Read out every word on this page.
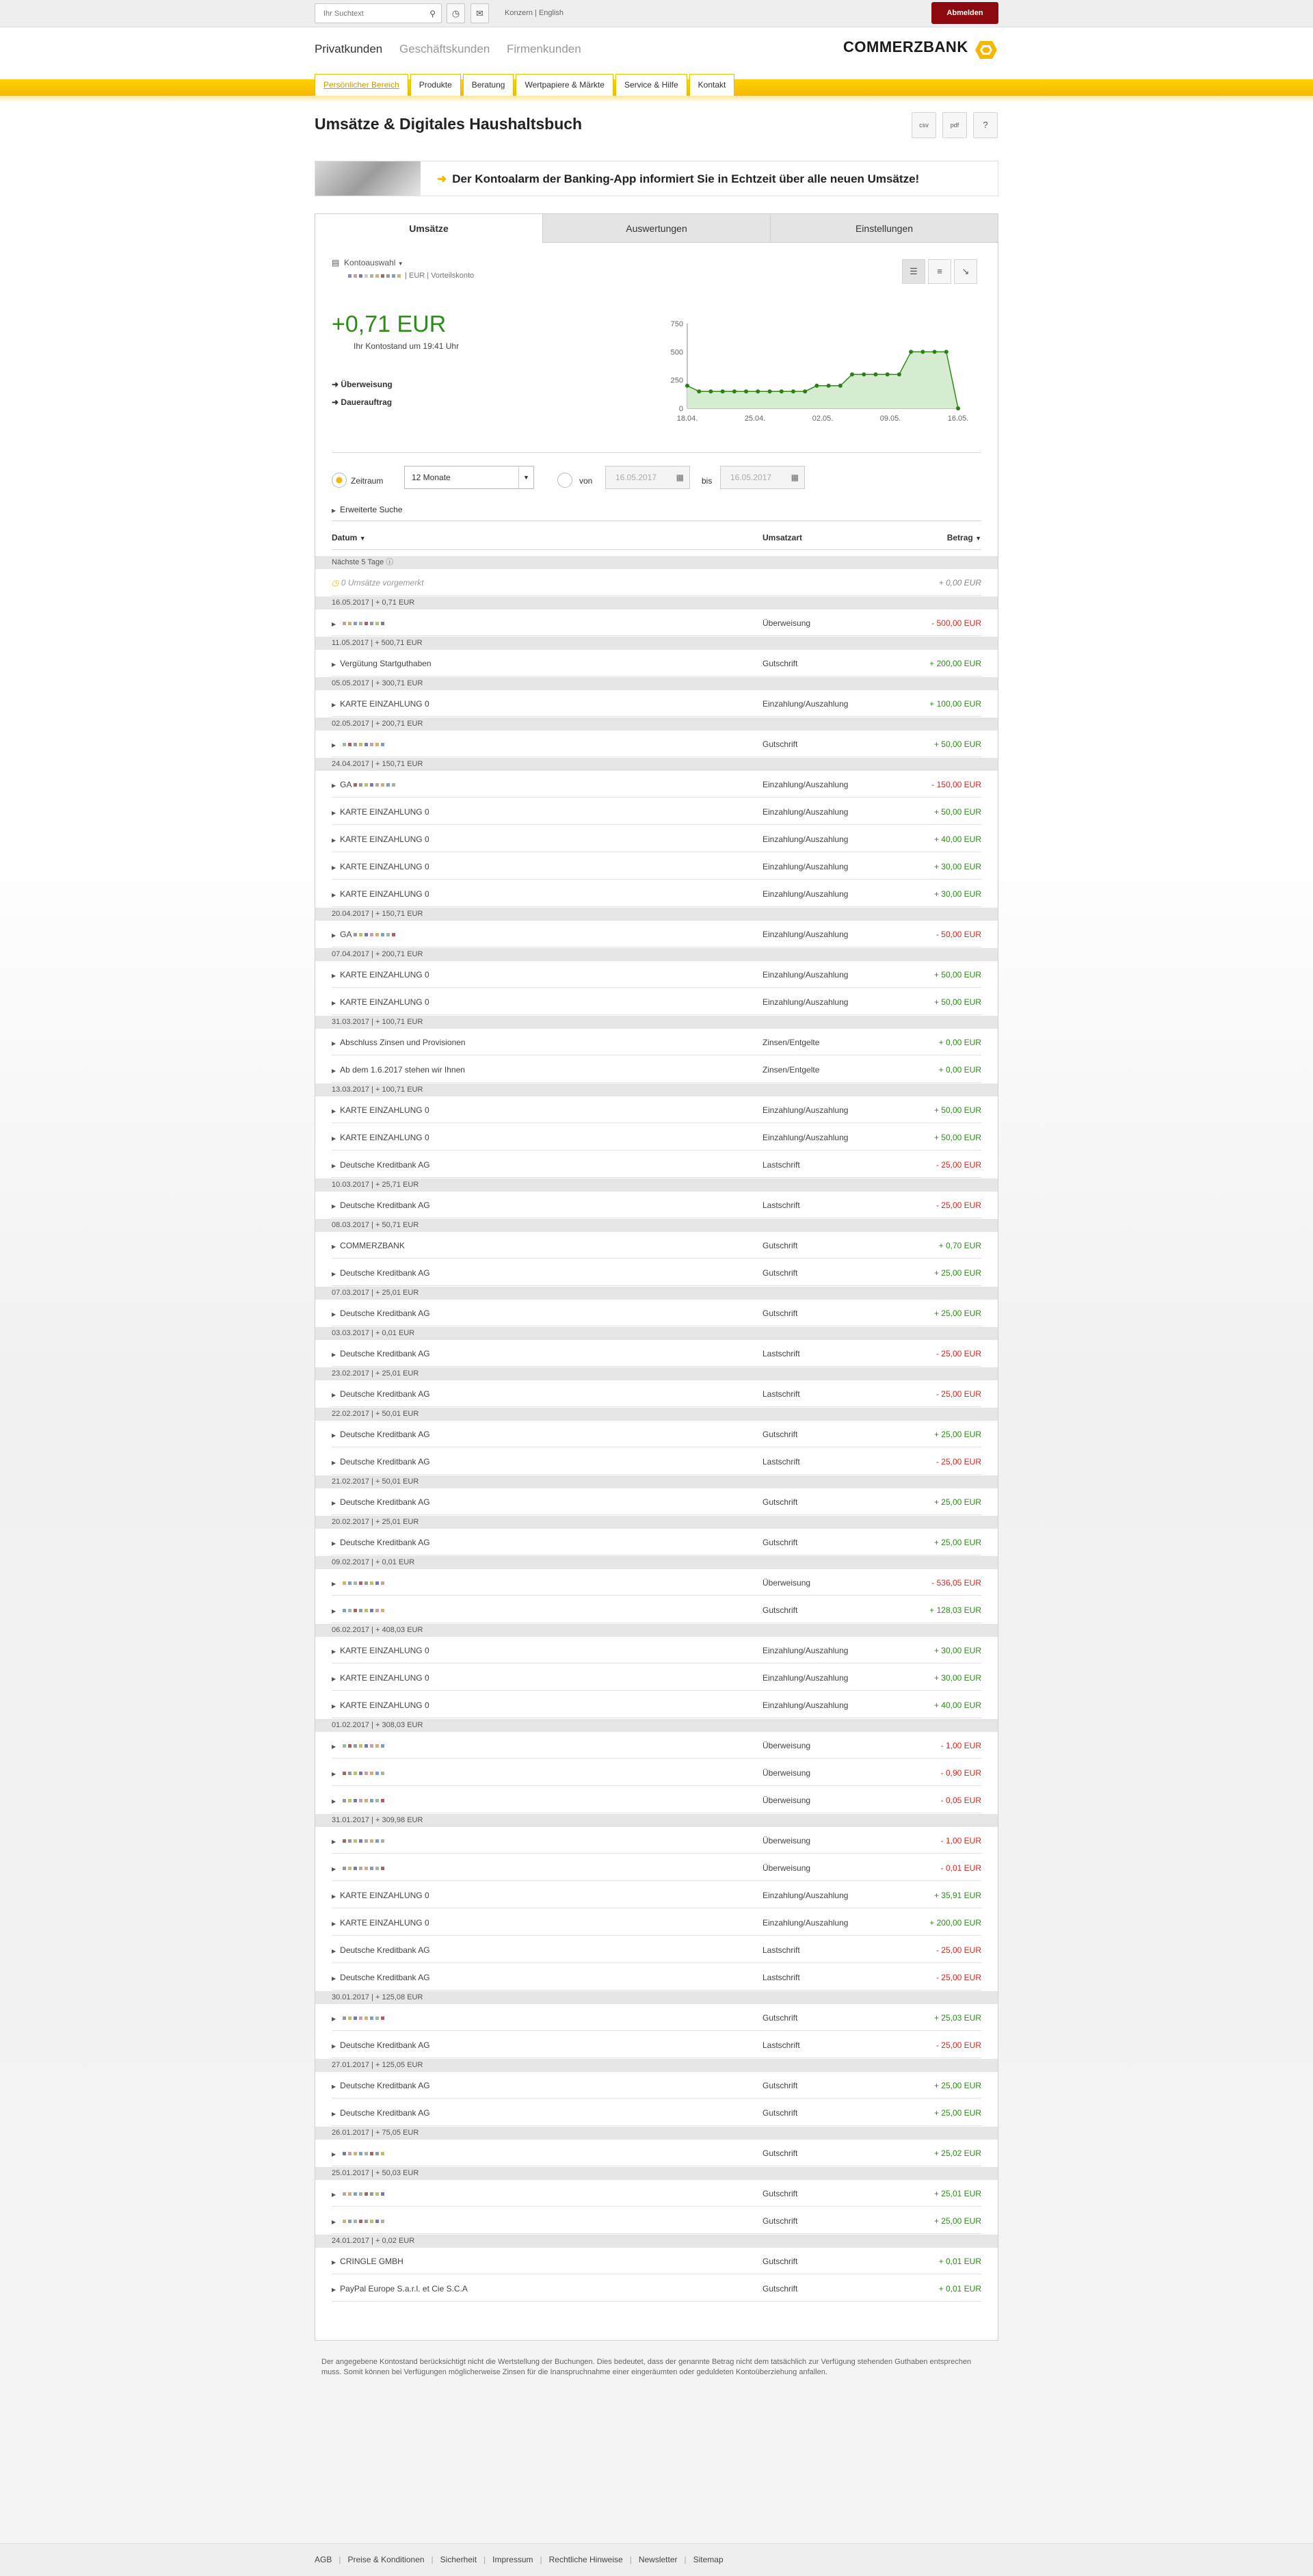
Ihr Suchtext
⚲	◷	✉	Konzern | English	Abmelden
Privatkunden Geschäftskunden Firmenkunden	COMMERZBANK
Persönlicher Bereich	Produkte	Beratung	Wertpapiere & Märkte	Service & Hilfe	Kontakt
Umsätze & Digitales Haushaltsbuch	csv	pdf	?
➜ Der Kontoalarm der Banking-App informiert Sie in Echtzeit über alle neuen Umsätze!
Umsätze	Auswertungen	Einstellungen
▤ Kontoauswahl ▼
| EUR | Vorteilskonto	☰	≡	↘
+0,71 EUR
Ihr Kontostand um 19:41 Uhr
➜ Überweisung
➜ Dauerauftrag
0
250
500
750
18.04.	25.04.	02.05.	09.05.	16.05.
Zeitraum	12 Monate	▼	von	16.05.2017 ▦ bis	16.05.2017 ▦
▶ Erweiterte Suche
Datum ▼	Umsatzart	Betrag ▼
Nächste 5 Tage ⓘ
◷ 0 Umsätze vorgemerkt	+ 0,00 EUR
16.05.2017 | + 0,71 EUR
▶	Überweisung	- 500,00 EUR
11.05.2017 | + 500,71 EUR
▶ Vergütung Startguthaben	Gutschrift	+ 200,00 EUR
05.05.2017 | + 300,71 EUR
▶ KARTE EINZAHLUNG 0	Einzahlung/Auszahlung	+ 100,00 EUR
02.05.2017 | + 200,71 EUR
▶	Gutschrift	+ 50,00 EUR
24.04.2017 | + 150,71 EUR
▶ GA	Einzahlung/Auszahlung	- 150,00 EUR
▶ KARTE EINZAHLUNG 0	Einzahlung/Auszahlung	+ 50,00 EUR
▶ KARTE EINZAHLUNG 0	Einzahlung/Auszahlung	+ 40,00 EUR
▶ KARTE EINZAHLUNG 0	Einzahlung/Auszahlung	+ 30,00 EUR
▶ KARTE EINZAHLUNG 0	Einzahlung/Auszahlung	+ 30,00 EUR
20.04.2017 | + 150,71 EUR
▶ GA	Einzahlung/Auszahlung	- 50,00 EUR
07.04.2017 | + 200,71 EUR
▶ KARTE EINZAHLUNG 0	Einzahlung/Auszahlung	+ 50,00 EUR
▶ KARTE EINZAHLUNG 0	Einzahlung/Auszahlung	+ 50,00 EUR
31.03.2017 | + 100,71 EUR
▶ Abschluss Zinsen und Provisionen	Zinsen/Entgelte	+ 0,00 EUR
▶ Ab dem 1.6.2017 stehen wir Ihnen	Zinsen/Entgelte	+ 0,00 EUR
13.03.2017 | + 100,71 EUR
▶ KARTE EINZAHLUNG 0	Einzahlung/Auszahlung	+ 50,00 EUR
▶ KARTE EINZAHLUNG 0	Einzahlung/Auszahlung	+ 50,00 EUR
▶ Deutsche Kreditbank AG	Lastschrift	- 25,00 EUR
10.03.2017 | + 25,71 EUR
▶ Deutsche Kreditbank AG	Lastschrift	- 25,00 EUR
08.03.2017 | + 50,71 EUR
▶ COMMERZBANK	Gutschrift	+ 0,70 EUR
▶ Deutsche Kreditbank AG	Gutschrift	+ 25,00 EUR
07.03.2017 | + 25,01 EUR
▶ Deutsche Kreditbank AG	Gutschrift	+ 25,00 EUR
03.03.2017 | + 0,01 EUR
▶ Deutsche Kreditbank AG	Lastschrift	- 25,00 EUR
23.02.2017 | + 25,01 EUR
▶ Deutsche Kreditbank AG	Lastschrift	- 25,00 EUR
22.02.2017 | + 50,01 EUR
▶ Deutsche Kreditbank AG	Gutschrift	+ 25,00 EUR
▶ Deutsche Kreditbank AG	Lastschrift	- 25,00 EUR
21.02.2017 | + 50,01 EUR
▶ Deutsche Kreditbank AG	Gutschrift	+ 25,00 EUR
20.02.2017 | + 25,01 EUR
▶ Deutsche Kreditbank AG	Gutschrift	+ 25,00 EUR
09.02.2017 | + 0,01 EUR
▶	Überweisung	- 536,05 EUR
▶	Gutschrift	+ 128,03 EUR
06.02.2017 | + 408,03 EUR
▶ KARTE EINZAHLUNG 0	Einzahlung/Auszahlung	+ 30,00 EUR
▶ KARTE EINZAHLUNG 0	Einzahlung/Auszahlung	+ 30,00 EUR
▶ KARTE EINZAHLUNG 0	Einzahlung/Auszahlung	+ 40,00 EUR
01.02.2017 | + 308,03 EUR
▶	Überweisung	- 1,00 EUR
▶	Überweisung	- 0,90 EUR
▶	Überweisung	- 0,05 EUR
31.01.2017 | + 309,98 EUR
▶	Überweisung	- 1,00 EUR
▶	Überweisung	- 0,01 EUR
▶ KARTE EINZAHLUNG 0	Einzahlung/Auszahlung	+ 35,91 EUR
▶ KARTE EINZAHLUNG 0	Einzahlung/Auszahlung	+ 200,00 EUR
▶ Deutsche Kreditbank AG	Lastschrift	- 25,00 EUR
▶ Deutsche Kreditbank AG	Lastschrift	- 25,00 EUR
30.01.2017 | + 125,08 EUR
▶	Gutschrift	+ 25,03 EUR
▶ Deutsche Kreditbank AG	Lastschrift	- 25,00 EUR
27.01.2017 | + 125,05 EUR
▶ Deutsche Kreditbank AG	Gutschrift	+ 25,00 EUR
▶ Deutsche Kreditbank AG	Gutschrift	+ 25,00 EUR
26.01.2017 | + 75,05 EUR
▶	Gutschrift	+ 25,02 EUR
25.01.2017 | + 50,03 EUR
▶	Gutschrift	+ 25,01 EUR
▶	Gutschrift	+ 25,00 EUR
24.01.2017 | + 0,02 EUR
▶ CRINGLE GMBH	Gutschrift	+ 0,01 EUR
▶ PayPal Europe S.a.r.l. et Cie S.C.A	Gutschrift	+ 0,01 EUR
Der angegebene Kontostand berücksichtigt nicht die Wertstellung der Buchungen. Dies bedeutet, dass der genannte Betrag nicht dem tatsächlich zur Verfügung stehenden Guthaben entsprechen muss. Somit können bei Verfügungen möglicherweise Zinsen für die Inanspruchnahme einer eingeräumten oder geduldeten Kontoüberziehung anfallen.
AGB | Preise & Konditionen | Sicherheit | Impressum | Rechtliche Hinweise | Newsletter | Sitemap
